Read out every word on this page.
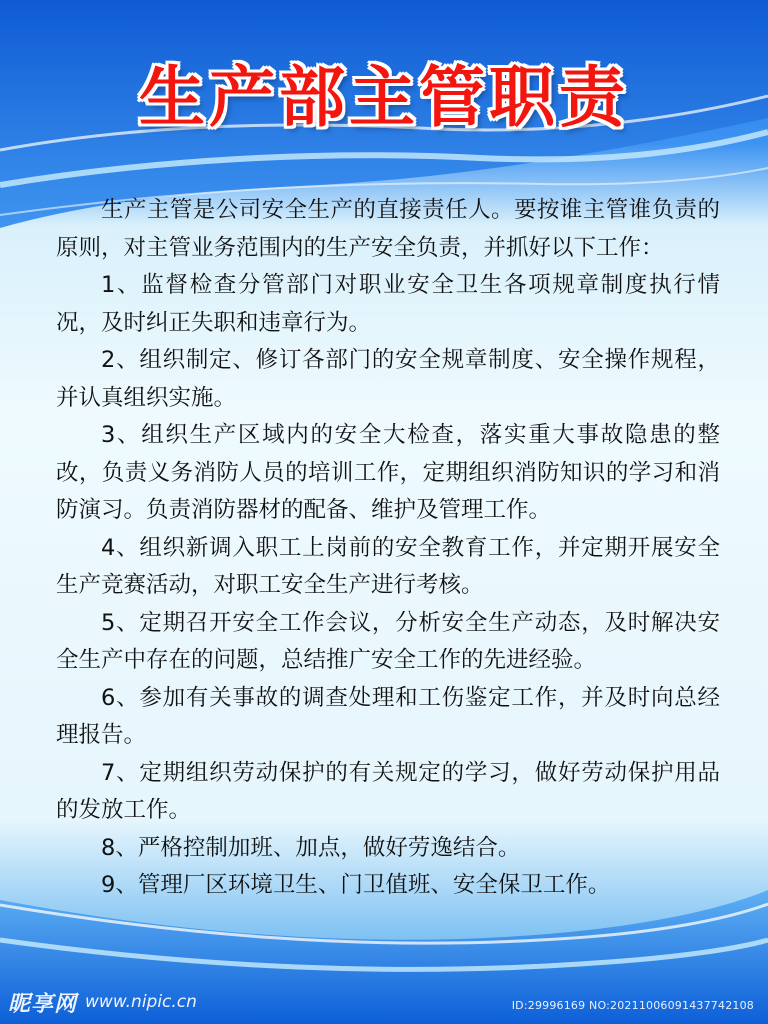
生产部主管职责

生产主管是公司安全生产的直接责任人。要按谁主管谁负责的原则，对主管业务范围内的生产安全负责，并抓好以下工作：

1、监督检查分管部门对职业安全卫生各项规章制度执行情况，及时纠正失职和违章行为。

2、组织制定、修订各部门的安全规章制度、安全操作规程，并认真组织实施。

3、组织生产区域内的安全大检查，落实重大事故隐患的整改，负责义务消防人员的培训工作，定期组织消防知识的学习和消防演习。负责消防器材的配备、维护及管理工作。

4、组织新调入职工上岗前的安全教育工作，并定期开展安全生产竞赛活动，对职工安全生产进行考核。

5、定期召开安全工作会议，分析安全生产动态，及时解决安全生产中存在的问题，总结推广安全工作的先进经验。

6、参加有关事故的调查处理和工伤鉴定工作，并及时向总经理报告。

7、定期组织劳动保护的有关规定的学习，做好劳动保护用品的发放工作。

8、严格控制加班、加点，做好劳逸结合。

9、管理厂区环境卫生、门卫值班、安全保卫工作。

昵享网 www.nipic.cn	ID:29996169 NO:20211006091437742108
